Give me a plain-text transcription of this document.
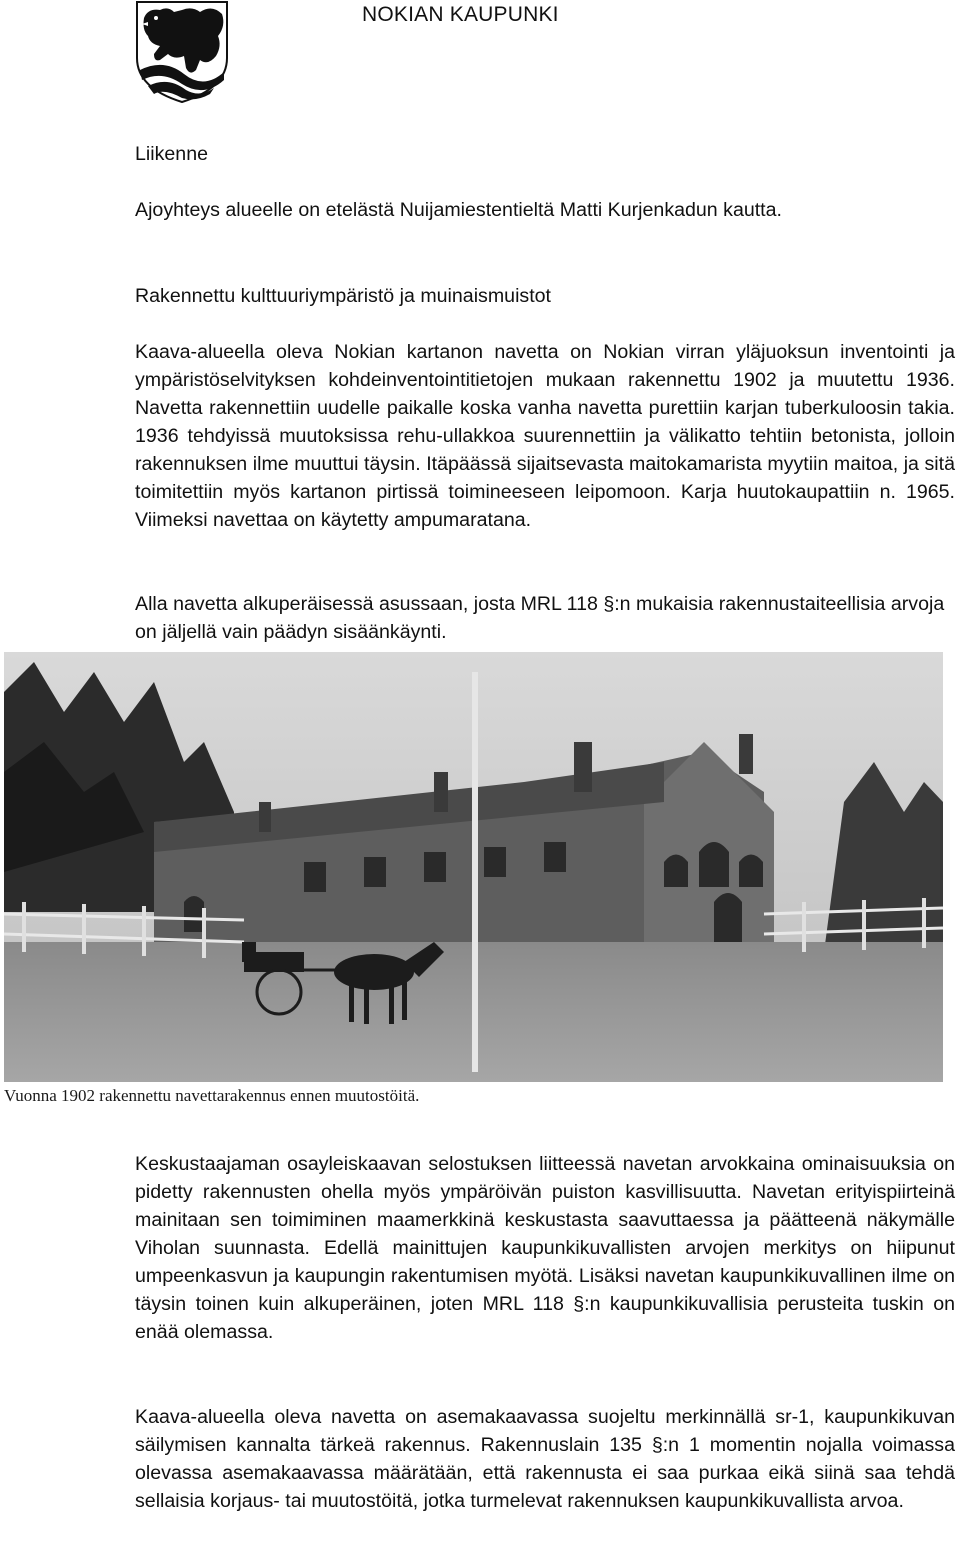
NOKIAN KAUPUNKI

Liikenne

Ajoyhteys alueelle on etelästä Nuijamiestentieltä Matti Kurjenkadun kautta.

Rakennettu kulttuuriympäristö ja muinaismuistot

Kaava-alueella oleva Nokian kartanon navetta on Nokian virran yläjuoksun inventointi ja ympäristöselvityksen kohdeinventointitietojen mukaan rakennettu 1902 ja muutettu 1936. Navetta rakennettiin uudelle paikalle koska vanha navetta purettiin karjan tuberkuloosin takia. 1936 tehdyissä muutoksissa rehu-ullakkoa suurennettiin ja välikatto tehtiin betonista, jolloin rakennuksen ilme muuttui täysin. Itäpäässä sijaitsevasta maitokamarista myytiin maitoa, ja sitä toimitettiin myös kartanon pirtissä toimineeseen leipomoon. Karja huutokaupattiin n. 1965. Viimeksi navettaa on käytetty ampumaratana.

Alla navetta alkuperäisessä asussaan, josta MRL 118 §:n mukaisia rakennustaiteellisia arvoja on jäljellä vain päädyn sisäänkäynti.

Vuonna 1902 rakennettu navettarakennus ennen muutostöitä.

Keskustaajaman osayleiskaavan selostuksen liitteessä navetan arvokkaina ominaisuuksia on pidetty rakennusten ohella myös ympäröivän puiston kasvillisuutta. Navetan erityispiirteinä mainitaan sen toimiminen maamerkkinä keskustasta saavuttaessa ja päätteenä näkymälle Viholan suunnasta. Edellä mainittujen kaupunkikuvallisten arvojen merkitys on hiipunut umpeenkasvun ja kaupungin rakentumisen myötä. Lisäksi navetan kaupunkikuvallinen ilme on täysin toinen kuin alkuperäinen, joten MRL 118 §:n kaupunkikuvallisia perusteita tuskin on enää olemassa.

Kaava-alueella oleva navetta on asemakaavassa suojeltu merkinnällä sr-1, kaupunkikuvan säilymisen kannalta tärkeä rakennus. Rakennuslain 135 §:n 1 momentin nojalla voimassa olevassa asemakaavassa määrätään, että rakennusta ei saa purkaa eikä siinä saa tehdä sellaisia korjaus- tai muutostöitä, jotka turmelevat rakennuksen kaupunkikuvallista arvoa.
